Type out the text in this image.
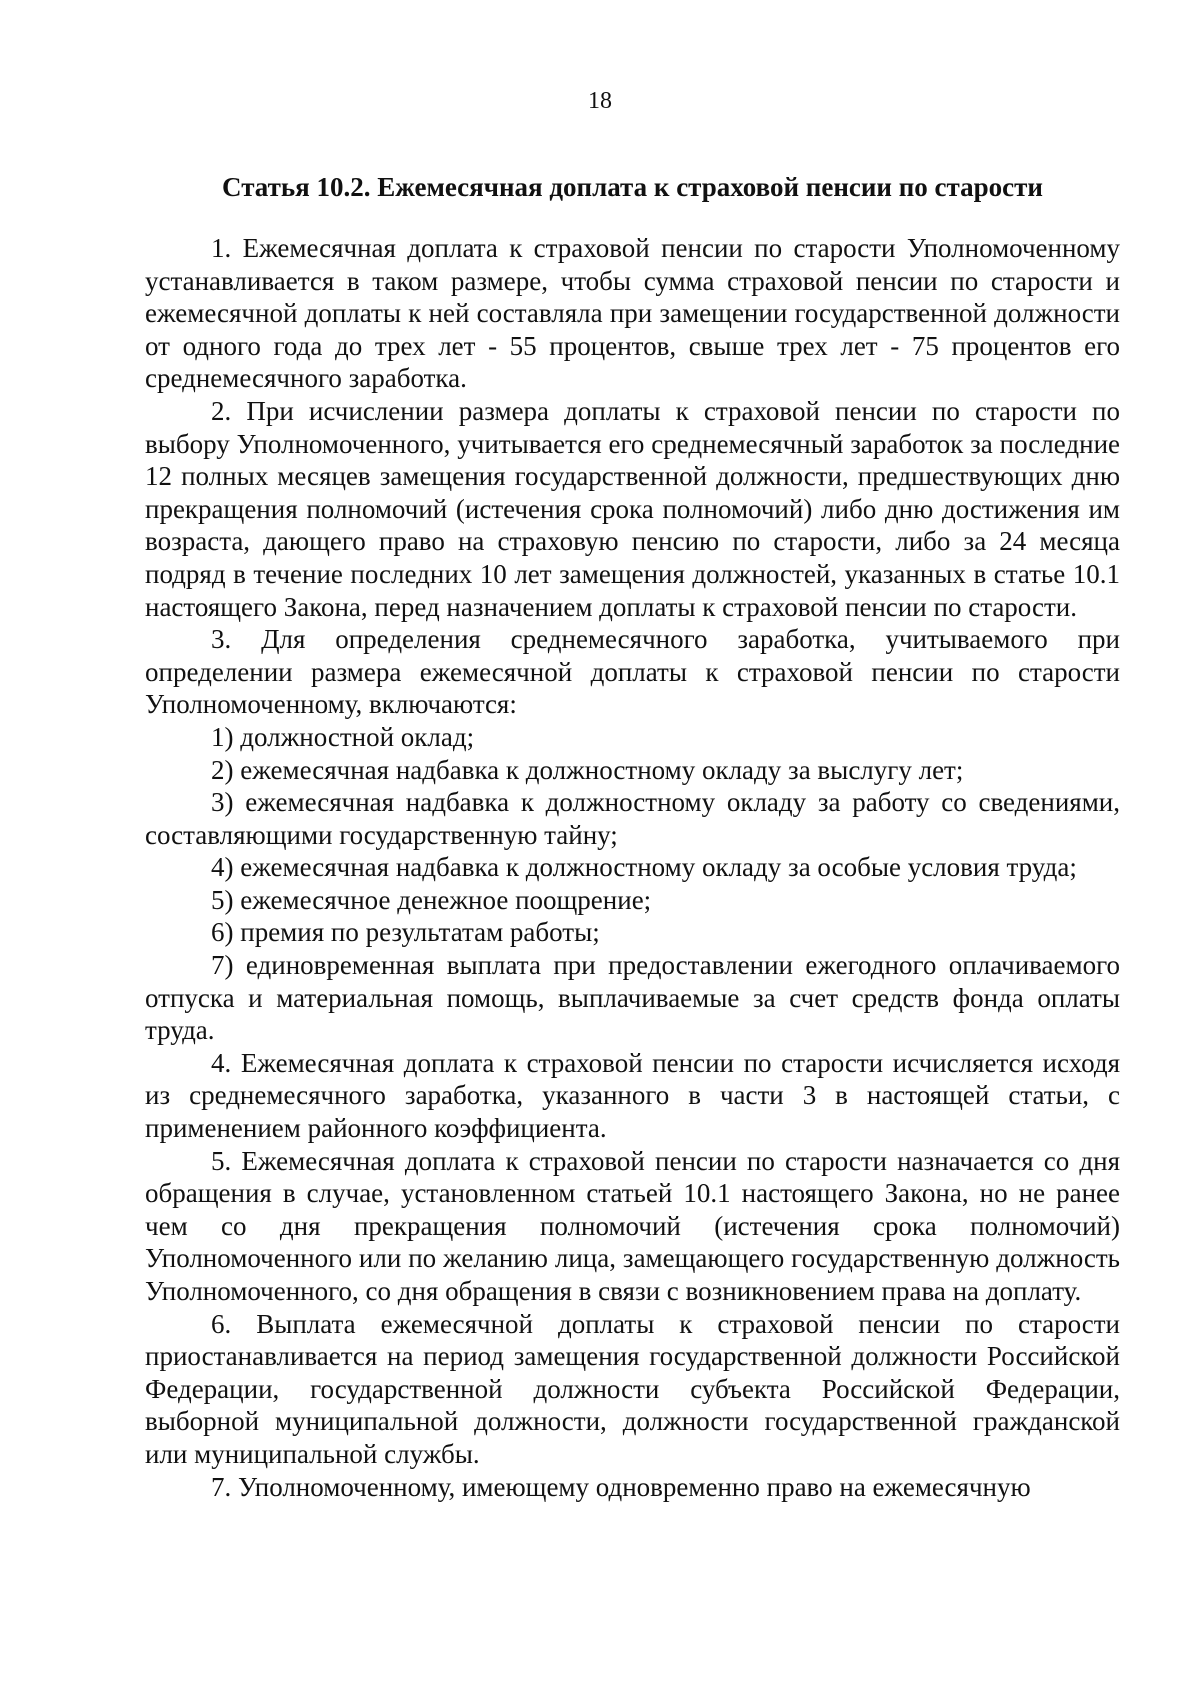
18
Статья 10.2. Ежемесячная доплата к страховой пенсии по старости

1. Ежемесячная доплата к страховой пенсии по старости Уполномоченному устанавливается в таком размере, чтобы сумма страховой пенсии по старости и ежемесячной доплаты к ней составляла при замещении государственной должности от одного года до трех лет - 55 процентов, свыше трех лет - 75 процентов его среднемесячного заработка.

2. При исчислении размера доплаты к страховой пенсии по старости по выбору Уполномоченного, учитывается его среднемесячный заработок за последние 12 полных месяцев замещения государственной должности, предшествующих дню прекращения полномочий (истечения срока полномочий) либо дню достижения им возраста, дающего право на страховую пенсию по старости, либо за 24 месяца подряд в течение последних 10 лет замещения должностей, указанных в статье 10.1 настоящего Закона, перед назначением доплаты к страховой пенсии по старости.

3. Для определения среднемесячного заработка, учитываемого при определении размера ежемесячной доплаты к страховой пенсии по старости Уполномоченному, включаются:

1) должностной оклад;

2) ежемесячная надбавка к должностному окладу за выслугу лет;

3) ежемесячная надбавка к должностному окладу за работу со сведениями, составляющими государственную тайну;

4) ежемесячная надбавка к должностному окладу за особые условия труда;

5) ежемесячное денежное поощрение;

6) премия по результатам работы;

7) единовременная выплата при предоставлении ежегодного оплачиваемого отпуска и материальная помощь, выплачиваемые за счет средств фонда оплаты труда.

4. Ежемесячная доплата к страховой пенсии по старости исчисляется исходя из среднемесячного заработка, указанного в части 3 в настоящей статьи, с применением районного коэффициента.

5. Ежемесячная доплата к страховой пенсии по старости назначается со дня обращения в случае, установленном статьей 10.1 настоящего Закона, но не ранее чем со дня прекращения полномочий (истечения срока полномочий) Уполномоченного или по желанию лица, замещающего государственную должность Уполномоченного, со дня обращения в связи с возникновением права на доплату.

6. Выплата ежемесячной доплаты к страховой пенсии по старости приостанавливается на период замещения государственной должности Российской Федерации, государственной должности субъекта Российской Федерации, выборной муниципальной должности, должности государственной гражданской или муниципальной службы.

7. Уполномоченному, имеющему одновременно право на ежемесячную
